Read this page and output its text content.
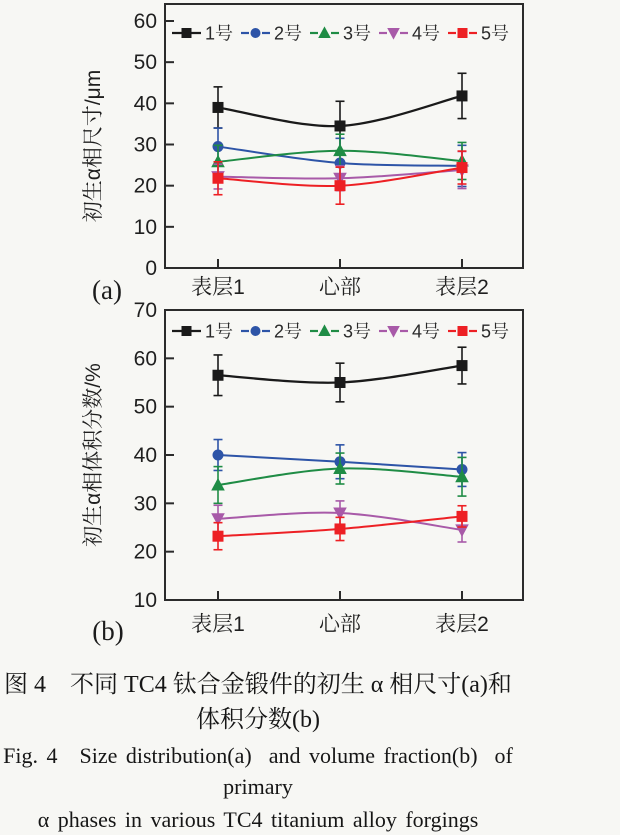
0
10
20
30
40
50
60
表层1	心部	表层2
初生α相尺寸/μm
(a)
1号 2号 3号 4号 5号
10
20
30
40
50
60
70
表层1	心部	表层2
初生α相体积分数/%
(b)
1号 2号 3号 4号 5号
图 4　不同 TC4 钛合金锻件的初生 α 相尺寸(a)和
体积分数(b)
Fig. 4　Size distribution(a)  and volume fraction(b)  of primary
α phases in various TC4 titanium alloy forgings
